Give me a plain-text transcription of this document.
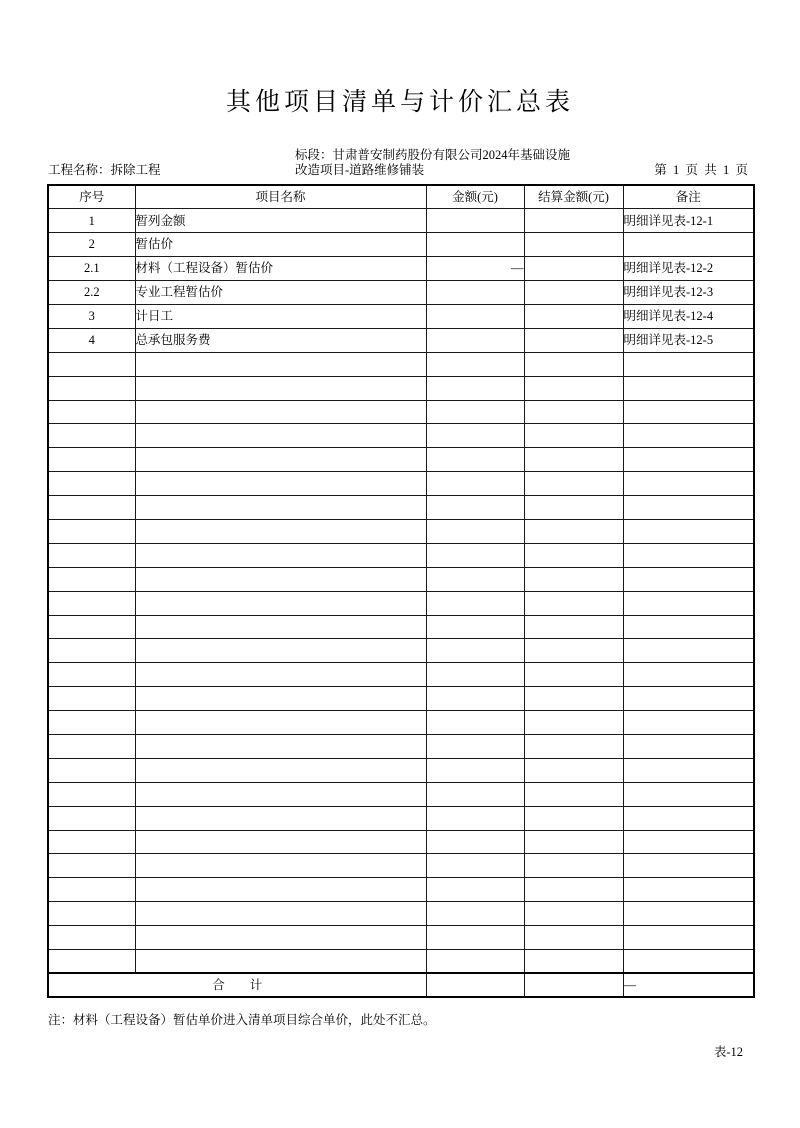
其他项目清单与计价汇总表
工程名称：拆除工程
标段：甘肃普安制药股份有限公司2024年基础设施
改造项目-道路维修铺装	第  1  页  共  1  页
序号	项目名称	金额(元)	结算金额(元)	备注
1	暂列金额			明细详见表-12-1
2	暂估价			
2.1	材料（工程设备）暂估价	—		明细详见表-12-2
2.2	专业工程暂估价			明细详见表-12-3
3	计日工			明细详见表-12-4
4	总承包服务费			明细详见表-12-5

合　　计				—
注：材料（工程设备）暂估单价进入清单项目综合单价，此处不汇总。
表-12
